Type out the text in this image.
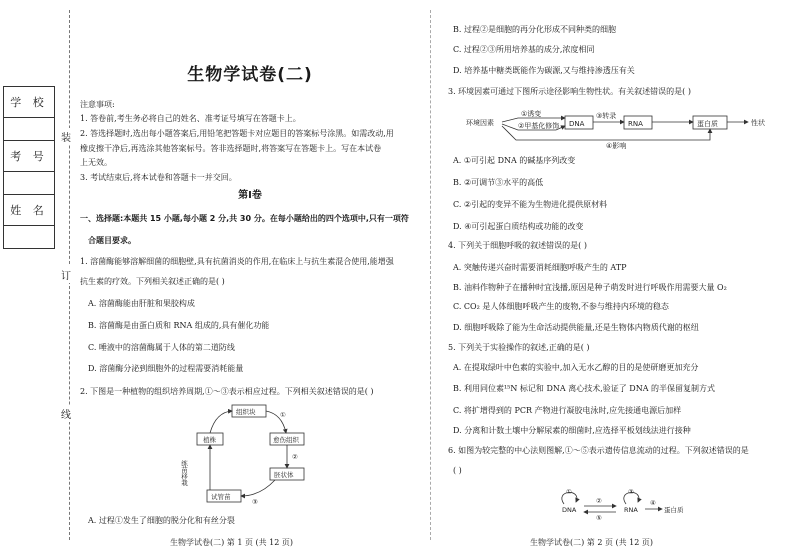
学 校
考 号
姓 名
装
订
线
生物学试卷(二)
注意事项:
1. 答卷前,考生务必将自己的姓名、准考证号填写在答题卡上。
2. 答选择题时,选出每小题答案后,用铅笔把答题卡对应题目的答案标号涂黑。如需改动,用
橡皮擦干净后,再选涂其他答案标号。答非选择题时,将答案写在答题卡上。写在本试卷
上无效。
3. 考试结束后,将本试卷和答题卡一并交回。
第Ⅰ卷
一、选择题:本题共 15 小题,每小题 2 分,共 30 分。在每小题给出的四个选项中,只有一项符
合题目要求。
1. 溶菌酶能够溶解细菌的细胞壁,具有抗菌消炎的作用,在临床上与抗生素混合使用,能增强
抗生素的疗效。下列相关叙述正确的是( )
A. 溶菌酶能由肝脏和果胶构成
B. 溶菌酶是由蛋白质和 RNA 组成的,具有催化功能
C. 唾液中的溶菌酶属于人体的第二道防线
D. 溶菌酶分泌到细胞外的过程需要消耗能量
2. 下图是一种植物的组织培养周期,①～③表示相应过程。下列相关叙述错误的是( )
组织块
愈伤组织
胚状体
试管苗
植株
①
②
③
练苗移栽
A. 过程①发生了细胞的脱分化和有丝分裂
生物学试卷(二) 第 1 页 (共 12 页)
B. 过程②是细胞的再分化形成不同种类的细胞
C. 过程②③所用培养基的成分,浓度相同
D. 培养基中糖类既能作为碳源,又与维持渗透压有关
3. 环境因素可通过下图所示途径影响生物性状。有关叙述错误的是( )
环境因素
①诱变
②甲基化修饰
③转录
④影响
DNA	RNA	蛋白质	性状
A. ①可引起 DNA 的碱基序列改变
B. ②可调节③水平的高低
C. ②引起的变异不能为生物进化提供原材料
D. ④可引起蛋白质结构或功能的改变
4. 下列关于细胞呼吸的叙述错误的是( )
A. 突触传递兴奋时需要消耗细胞呼吸产生的 ATP
B. 油料作物种子在播种时宜浅播,原因是种子萌发时进行呼吸作用需要大量 O₂
C. CO₂ 是人体细胞呼吸产生的废物,不参与维持内环境的稳态
D. 细胞呼吸除了能为生命活动提供能量,还是生物体内物质代谢的枢纽
5. 下列关于实验操作的叙述,正确的是( )
A. 在提取绿叶中色素的实验中,加入无水乙醇的目的是使研磨更加充分
B. 利用同位素¹⁵N 标记和 DNA 离心技术,验证了 DNA 的半保留复制方式
C. 将扩增得到的 PCR 产物进行凝胶电泳时,应先接通电源后加样
D. 分离和计数土壤中分解尿素的细菌时,应选择平板划线法进行接种
6. 如图为较完整的中心法则图解,①～⑤表示遗传信息流动的过程。下列叙述错误的是
( )
DNA	RNA	蛋白质
①
②
③
④
⑤
生物学试卷(二) 第 2 页 (共 12 页)
